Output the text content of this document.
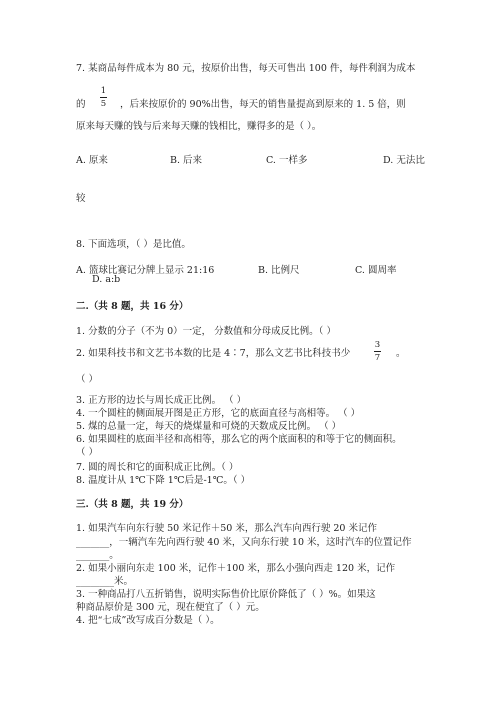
7. 某商品每件成本为 80 元，按原价出售，每天可售出 100 件，每件利润为成本
的
1
5 ，后来按原价的 90%出售，每天的销售量提高到原来的 1. 5 倍，则
原来每天赚的钱与后来每天赚的钱相比，赚得多的是（ ）。
A. 原来	B. 后来	C. 一样多	D. 无法比
较
8. 下面选项，（ ）是比值。
A. 篮球比赛记分牌上显示 21:16	B. 比例尺	C. 圆周率
D. a:b
二.（共 8 题，共 16 分）
1. 分数的分子（不为 0）一定， 分数值和分母成反比例。（ ）
2. 如果科技书和文艺书本数的比是 4∶7，那么文艺书比科技书少
3
7 。
（ ）
3. 正方形的边长与周长成正比例。 （ ）
4. 一个圆柱的侧面展开图是正方形，它的底面直径与高相等。 （ ）
5. 煤的总量一定，每天的烧煤量和可烧的天数成反比例。 （ ）
6. 如果圆柱的底面半径和高相等，那么它的两个底面积的和等于它的侧面积。
（ ）
7. 圆的周长和它的面积成正比例。（ ）
8. 温度计从 1℃下降 1℃后是-1℃。（ ）
三.（共 8 题，共 19 分）
1. 如果汽车向东行驶 50 米记作＋50 米，那么汽车向西行驶 20 米记作
_______，一辆汽车先向西行驶 40 米，又向东行驶 10 米，这时汽车的位置记作
_______。
2. 如果小丽向东走 100 米，记作＋100 米，那么小强向西走 120 米，记作
________米。
3. 一种商品打八五折销售，说明实际售价比原价降低了（ ）%。如果这
种商品原价是 300 元，现在便宜了（ ）元。
4. 把“七成”改写成百分数是（ ）。
